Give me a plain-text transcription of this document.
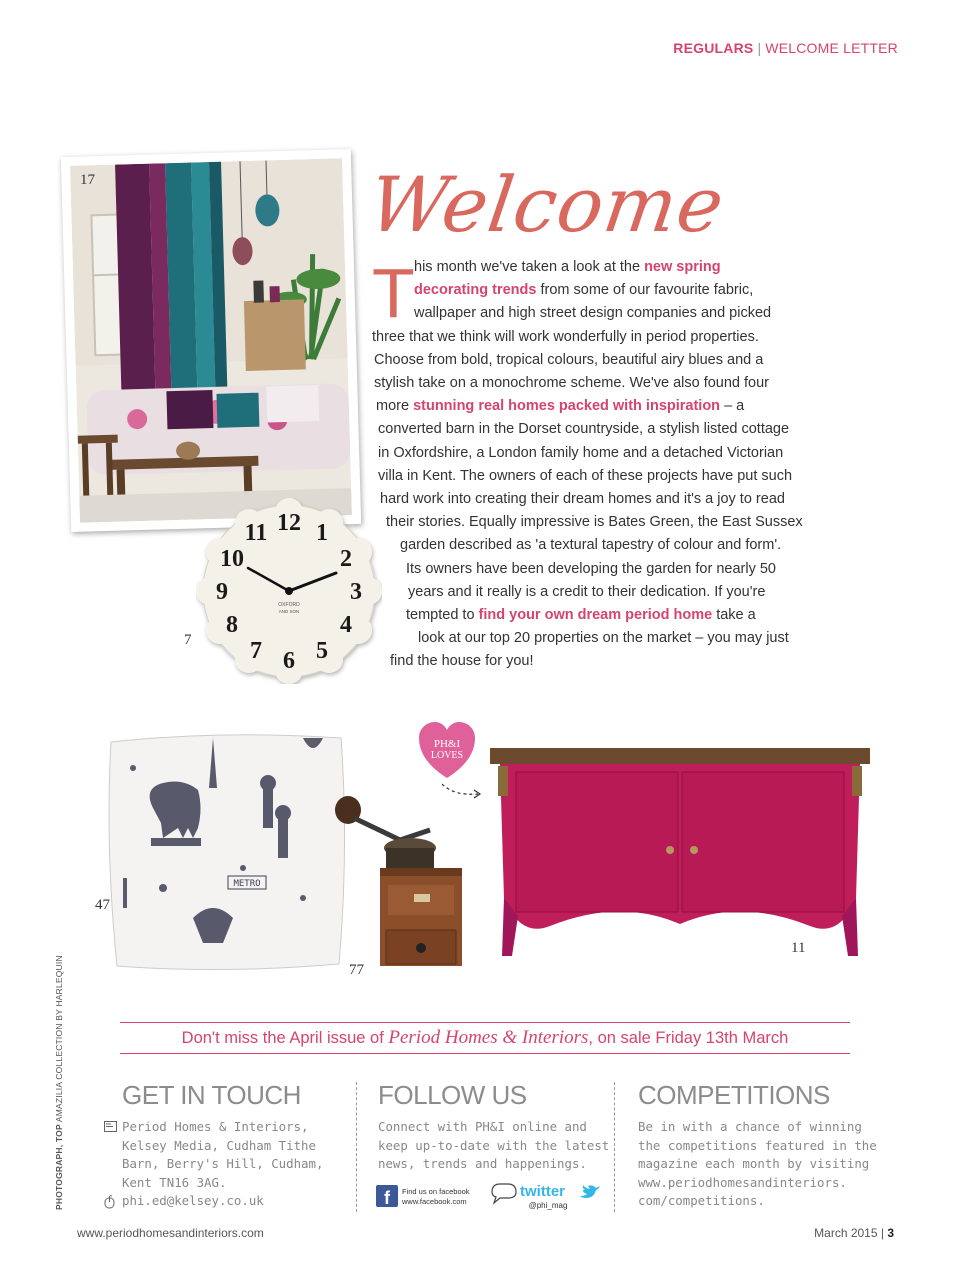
REGULARS | WELCOME LETTER
17
12 1
2
3
4
5
6
7
8
9
10
11
OXFORD
AND SON
7
Welcome
T
METRO
47
77
PH&I
LOVES
11
Don't miss the April issue of Period Homes & Interiors, on sale Friday 13th March
GET IN TOUCH
Period Homes & Interiors,
Kelsey Media, Cudham Tithe
Barn, Berry's Hill, Cudham,
Kent TN16 3AG.
phi.ed@kelsey.co.uk
FOLLOW US
Connect with PH&I online and
keep up-to-date with the latest
news, trends and happenings.
f Find us on facebook
www.facebook.com
twitter
@phi_mag
COMPETITIONS
Be in with a chance of winning
the competitions featured in the
magazine each month by visiting
www.periodhomesandinteriors.
com/competitions.
PHOTOGRAPH, TOP AMAZILIA COLLECTION BY HARLEQUIN
www.periodhomesandinteriors.com	March 2015 | 3
his month we've taken a look at the new spring
decorating trends from some of our favourite fabric,
wallpaper and high street design companies and picked
three that we think will work wonderfully in period properties.
Choose from bold, tropical colours, beautiful airy blues and a
stylish take on a monochrome scheme. We've also found four
more stunning real homes packed with inspiration – a
converted barn in the Dorset countryside, a stylish listed cottage
in Oxfordshire, a London family home and a detached Victorian
villa in Kent. The owners of each of these projects have put such
hard work into creating their dream homes and it's a joy to read
their stories. Equally impressive is Bates Green, the East Sussex
garden described as 'a textural tapestry of colour and form'.
Its owners have been developing the garden for nearly 50
years and it really is a credit to their dedication. If you're
tempted to find your own dream period home take a
look at our top 20 properties on the market – you may just
find the house for you!
